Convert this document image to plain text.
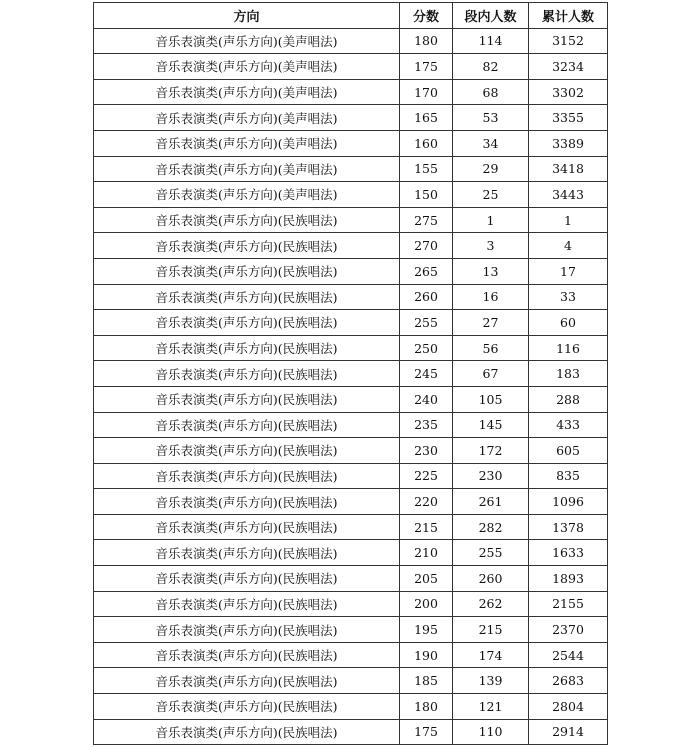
方向	分数	段内人数	累计人数
音乐表演类(声乐方向)(美声唱法)	180	114	3152
音乐表演类(声乐方向)(美声唱法)	175	82	3234
音乐表演类(声乐方向)(美声唱法)	170	68	3302
音乐表演类(声乐方向)(美声唱法)	165	53	3355
音乐表演类(声乐方向)(美声唱法)	160	34	3389
音乐表演类(声乐方向)(美声唱法)	155	29	3418
音乐表演类(声乐方向)(美声唱法)	150	25	3443
音乐表演类(声乐方向)(民族唱法)	275	1	1
音乐表演类(声乐方向)(民族唱法)	270	3	4
音乐表演类(声乐方向)(民族唱法)	265	13	17
音乐表演类(声乐方向)(民族唱法)	260	16	33
音乐表演类(声乐方向)(民族唱法)	255	27	60
音乐表演类(声乐方向)(民族唱法)	250	56	116
音乐表演类(声乐方向)(民族唱法)	245	67	183
音乐表演类(声乐方向)(民族唱法)	240	105	288
音乐表演类(声乐方向)(民族唱法)	235	145	433
音乐表演类(声乐方向)(民族唱法)	230	172	605
音乐表演类(声乐方向)(民族唱法)	225	230	835
音乐表演类(声乐方向)(民族唱法)	220	261	1096
音乐表演类(声乐方向)(民族唱法)	215	282	1378
音乐表演类(声乐方向)(民族唱法)	210	255	1633
音乐表演类(声乐方向)(民族唱法)	205	260	1893
音乐表演类(声乐方向)(民族唱法)	200	262	2155
音乐表演类(声乐方向)(民族唱法)	195	215	2370
音乐表演类(声乐方向)(民族唱法)	190	174	2544
音乐表演类(声乐方向)(民族唱法)	185	139	2683
音乐表演类(声乐方向)(民族唱法)	180	121	2804
音乐表演类(声乐方向)(民族唱法)	175	110	2914
